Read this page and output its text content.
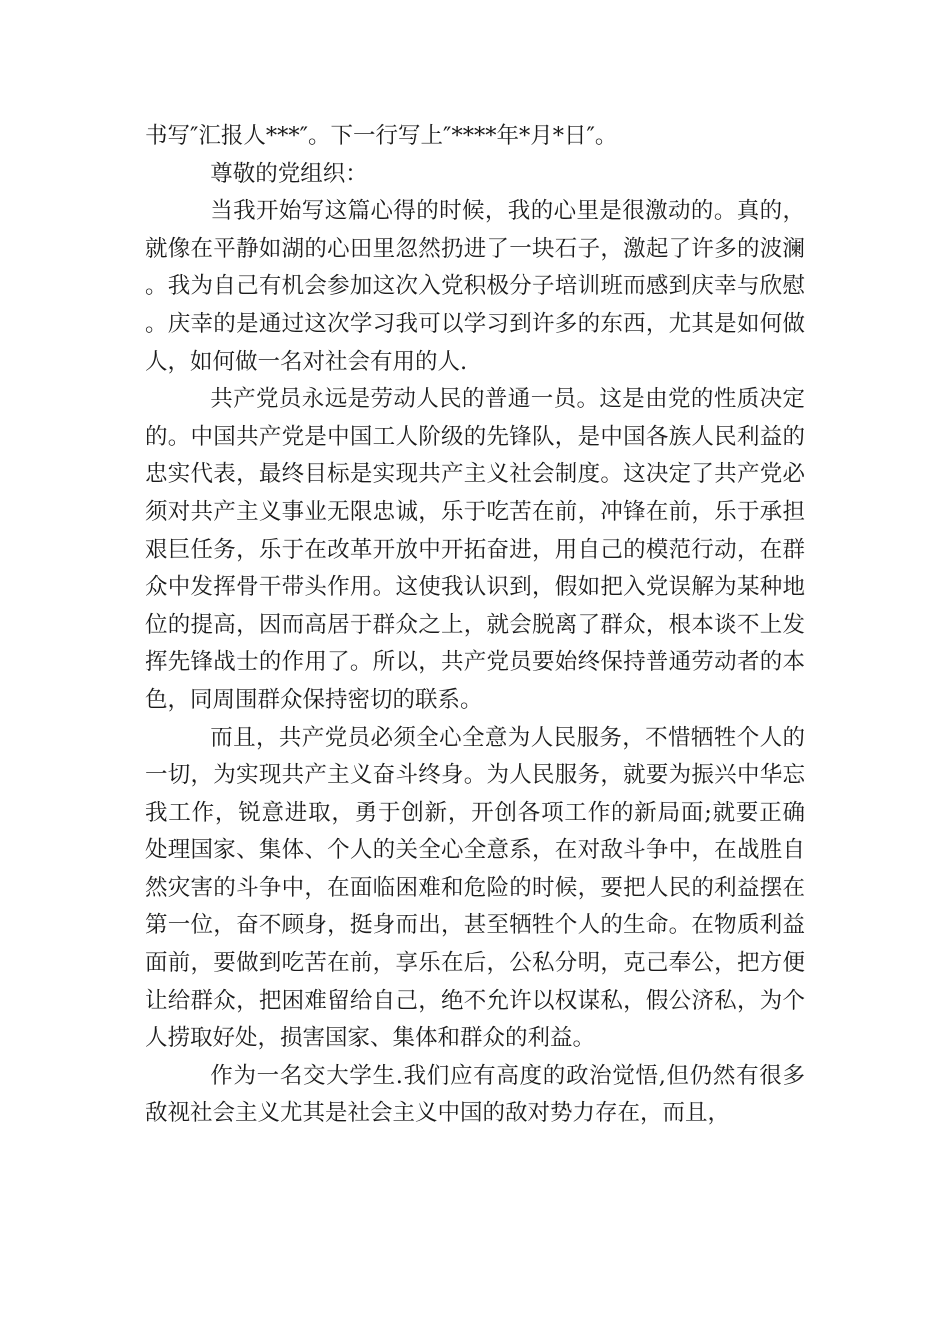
书写″汇报人***″。下一行写上″****年*月*日″。

尊敬的党组织：

当我开始写这篇心得的时候，我的心里是很激动的。真的，就像在平静如湖的心田里忽然扔进了一块石子，激起了许多的波澜。我为自己有机会参加这次入党积极分子培训班而感到庆幸与欣慰。庆幸的是通过这次学习我可以学习到许多的东西，尤其是如何做人，如何做一名对社会有用的人.

共产党员永远是劳动人民的普通一员。这是由党的性质决定的。中国共产党是中国工人阶级的先锋队，是中国各族人民利益的忠实代表，最终目标是实现共产主义社会制度。这决定了共产党必须对共产主义事业无限忠诚，乐于吃苦在前，冲锋在前，乐于承担艰巨任务，乐于在改革开放中开拓奋进，用自己的模范行动，在群众中发挥骨干带头作用。这使我认识到，假如把入党误解为某种地位的提高，因而高居于群众之上，就会脱离了群众，根本谈不上发挥先锋战士的作用了。所以，共产党员要始终保持普通劳动者的本色，同周围群众保持密切的联系。

而且，共产党员必须全心全意为人民服务，不惜牺牲个人的一切，为实现共产主义奋斗终身。为人民服务，就要为振兴中华忘我工作，锐意进取，勇于创新，开创各项工作的新局面;就要正确处理国家、集体、个人的关全心全意系，在对敌斗争中，在战胜自然灾害的斗争中，在面临困难和危险的时候，要把人民的利益摆在第一位，奋不顾身，挺身而出，甚至牺牲个人的生命。在物质利益面前，要做到吃苦在前，享乐在后，公私分明，克己奉公，把方便让给群众，把困难留给自己，绝不允许以权谋私，假公济私，为个人捞取好处，损害国家、集体和群众的利益。

作为一名交大学生.我们应有高度的政治觉悟,但仍然有很多敌视社会主义尤其是社会主义中国的敌对势力存在，而且，
